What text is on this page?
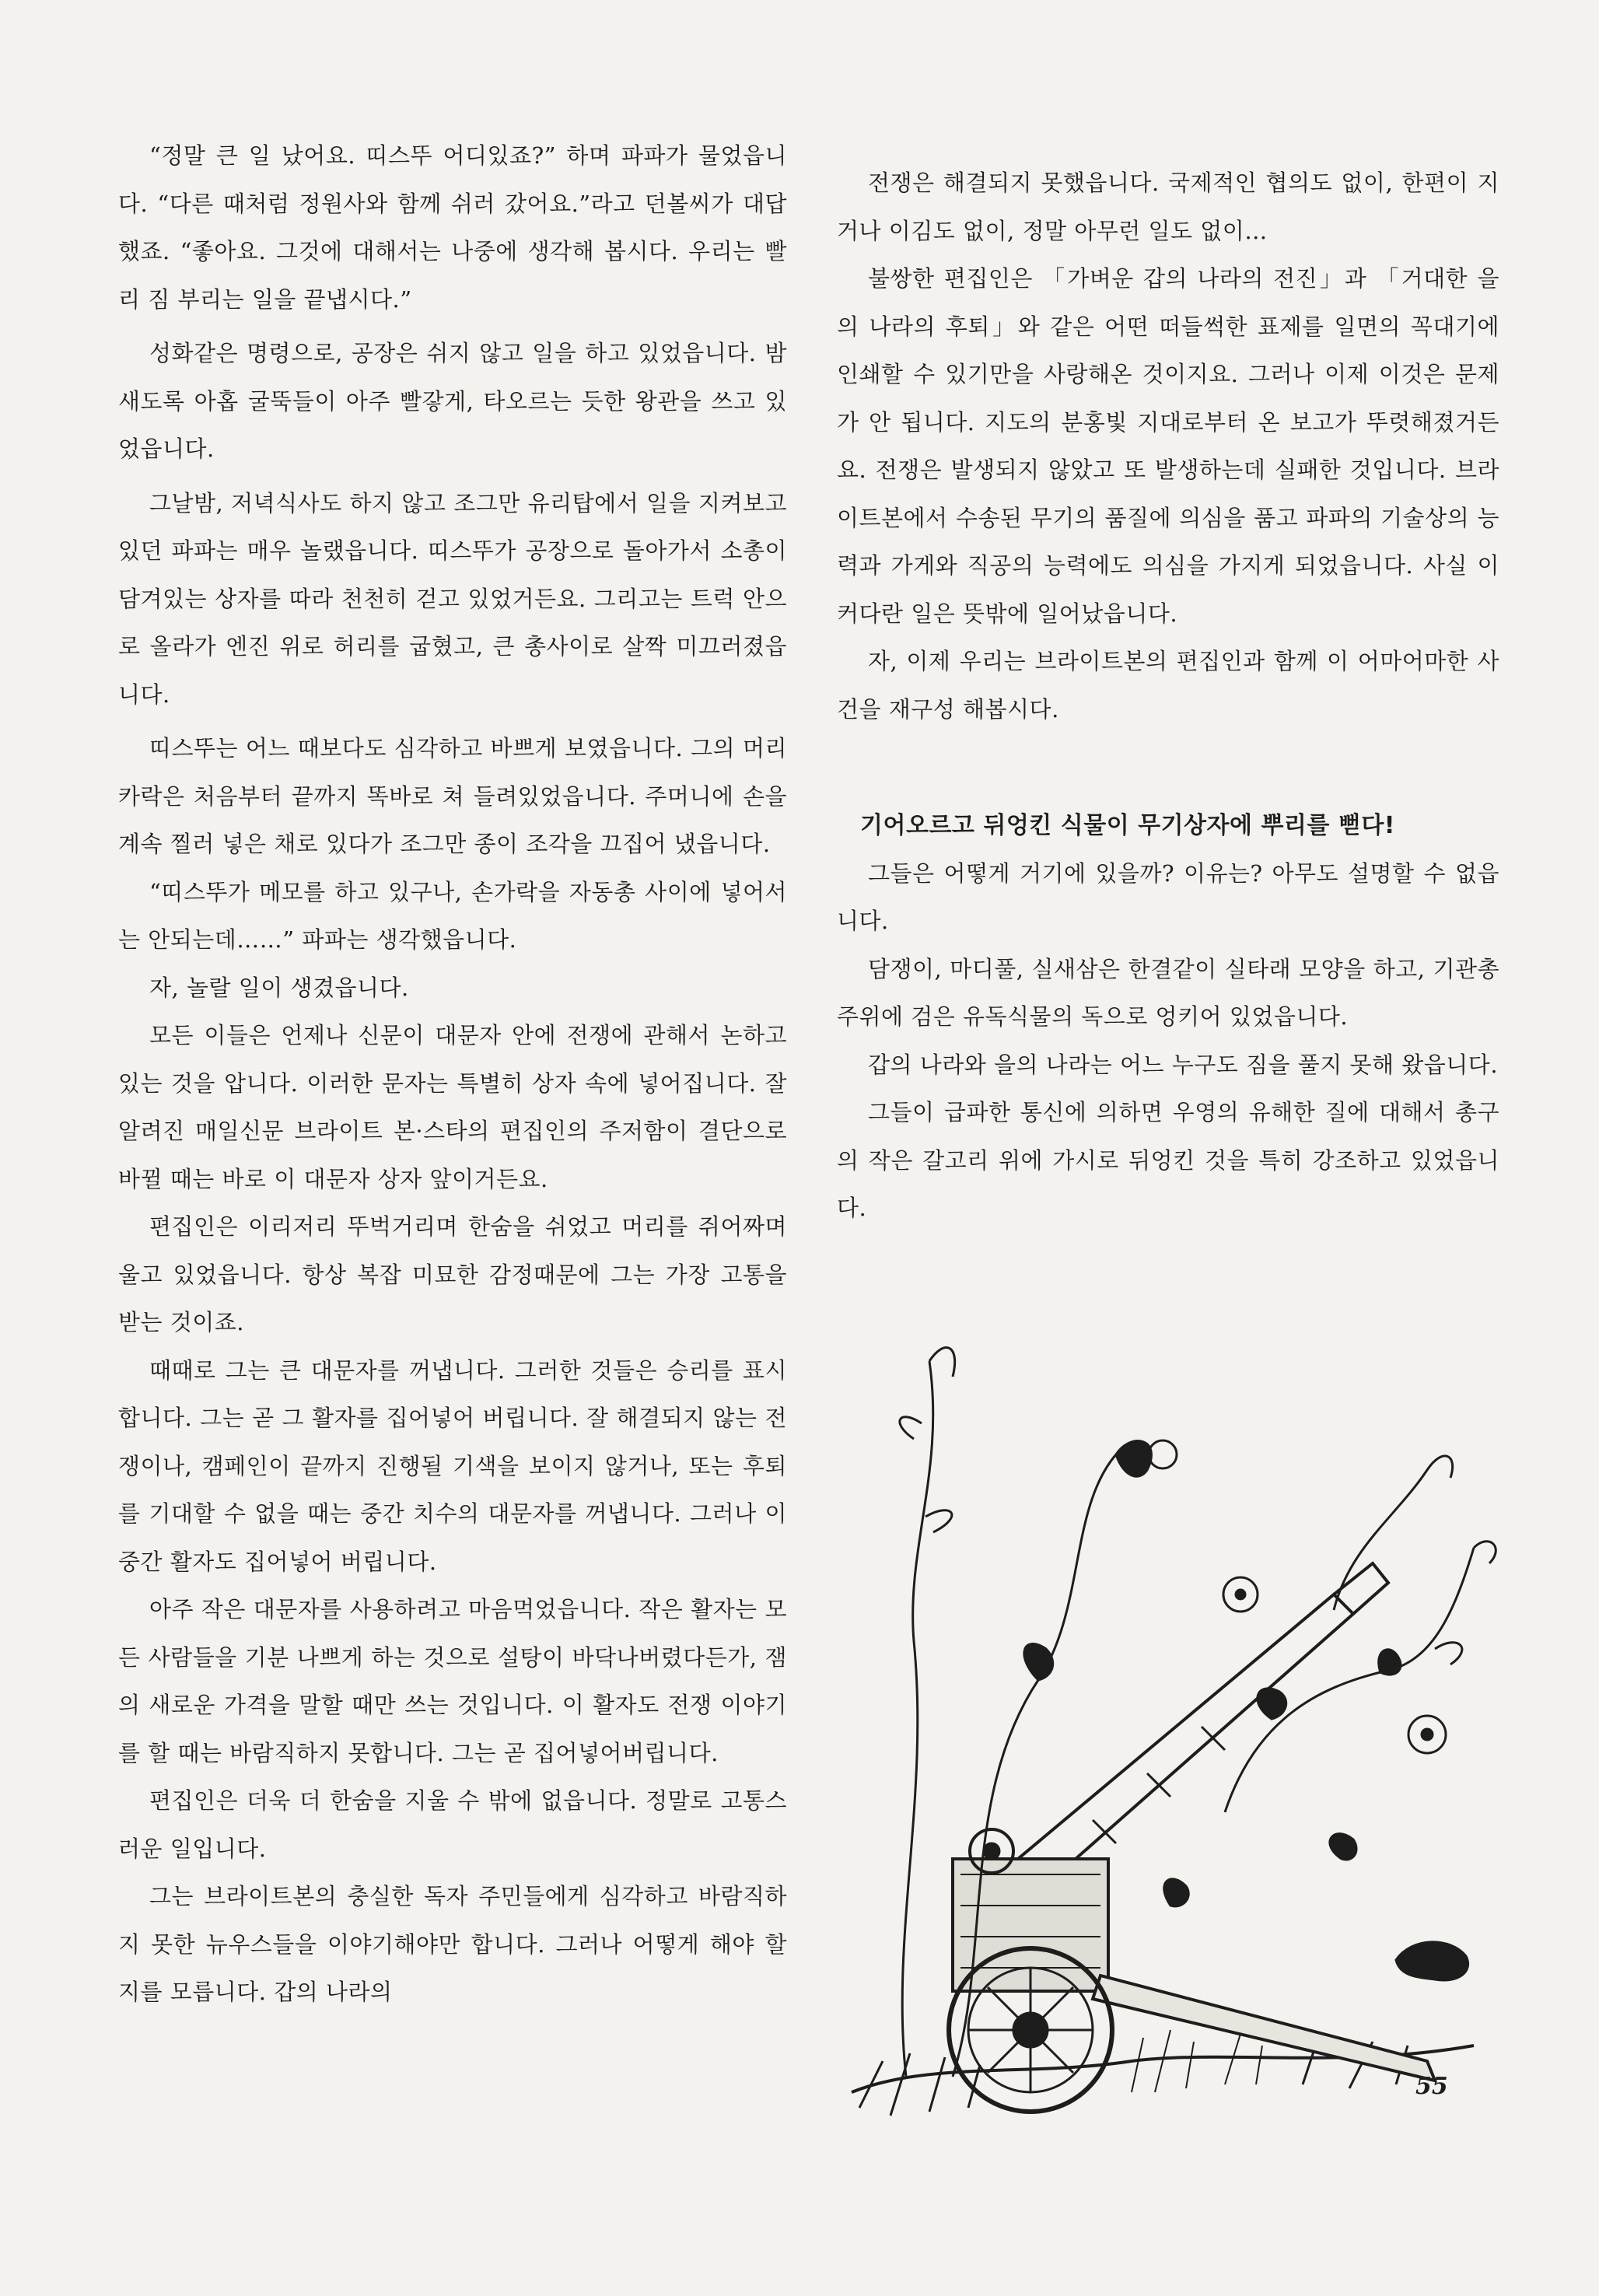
“정말 큰 일 났어요. 띠스뚜 어디있죠?” 하며 파파가 물었읍니다. “다른 때처럼 정원사와 함께 쉬러 갔어요.”라고 던볼씨가 대답했죠. “좋아요. 그것에 대해서는 나중에 생각해 봅시다. 우리는 빨리 짐 부리는 일을 끝냅시다.”

성화같은 명령으로, 공장은 쉬지 않고 일을 하고 있었읍니다. 밤새도록 아홉 굴뚝들이 아주 빨갛게, 타오르는 듯한 왕관을 쓰고 있었읍니다.

그날밤, 저녁식사도 하지 않고 조그만 유리탑에서 일을 지켜보고 있던 파파는 매우 놀랬읍니다. 띠스뚜가 공장으로 돌아가서 소총이 담겨있는 상자를 따라 천천히 걷고 있었거든요. 그리고는 트럭 안으로 올라가 엔진 위로 허리를 굽혔고, 큰 총사이로 살짝 미끄러졌읍니다.

띠스뚜는 어느 때보다도 심각하고 바쁘게 보였읍니다. 그의 머리카락은 처음부터 끝까지 똑바로 쳐 들려있었읍니다. 주머니에 손을 계속 찔러 넣은 채로 있다가 조그만 종이 조각을 끄집어 냈읍니다.

“띠스뚜가 메모를 하고 있구나, 손가락을 자동총 사이에 넣어서는 안되는데……” 파파는 생각했읍니다.

자, 놀랄 일이 생겼읍니다.

모든 이들은 언제나 신문이 대문자 안에 전쟁에 관해서 논하고 있는 것을 압니다. 이러한 문자는 특별히 상자 속에 넣어집니다. 잘 알려진 매일신문 브라이트 본·스타의 편집인의 주저함이 결단으로 바뀔 때는 바로 이 대문자 상자 앞이거든요.

편집인은 이리저리 뚜벅거리며 한숨을 쉬었고 머리를 쥐어짜며 울고 있었읍니다. 항상 복잡 미묘한 감정때문에 그는 가장 고통을 받는 것이죠.

때때로 그는 큰 대문자를 꺼냅니다. 그러한 것들은 승리를 표시합니다. 그는 곧 그 활자를 집어넣어 버립니다. 잘 해결되지 않는 전쟁이나, 캠페인이 끝까지 진행될 기색을 보이지 않거나, 또는 후퇴를 기대할 수 없을 때는 중간 치수의 대문자를 꺼냅니다. 그러나 이 중간 활자도 집어넣어 버립니다.

아주 작은 대문자를 사용하려고 마음먹었읍니다. 작은 활자는 모든 사람들을 기분 나쁘게 하는 것으로 설탕이 바닥나버렸다든가, 잼의 새로운 가격을 말할 때만 쓰는 것입니다. 이 활자도 전쟁 이야기를 할 때는 바람직하지 못합니다. 그는 곧 집어넣어버립니다.

편집인은 더욱 더 한숨을 지울 수 밖에 없읍니다. 정말로 고통스러운 일입니다.

그는 브라이트본의 충실한 독자 주민들에게 심각하고 바람직하지 못한 뉴우스들을 이야기해야만 합니다. 그러나 어떻게 해야 할 지를 모릅니다. 갑의 나라의

전쟁은 해결되지 못했읍니다. 국제적인 협의도 없이, 한편이 지거나 이김도 없이, 정말 아무런 일도 없이…

불쌍한 편집인은 「가벼운 갑의 나라의 전진」과 「거대한 을의 나라의 후퇴」와 같은 어떤 떠들썩한 표제를 일면의 꼭대기에 인쇄할 수 있기만을 사랑해온 것이지요. 그러나 이제 이것은 문제가 안 됩니다. 지도의 분홍빛 지대로부터 온 보고가 뚜렷해졌거든요. 전쟁은 발생되지 않았고 또 발생하는데 실패한 것입니다. 브라이트본에서 수송된 무기의 품질에 의심을 품고 파파의 기술상의 능력과 가게와 직공의 능력에도 의심을 가지게 되었읍니다. 사실 이 커다란 일은 뜻밖에 일어났읍니다.

자, 이제 우리는 브라이트본의 편집인과 함께 이 어마어마한 사건을 재구성 해봅시다.

기어오르고 뒤엉킨 식물이 무기상자에 뿌리를 뻗다!

그들은 어떻게 거기에 있을까? 이유는? 아무도 설명할 수 없읍니다.

담쟁이, 마디풀, 실새삼은 한결같이 실타래 모양을 하고, 기관총 주위에 검은 유독식물의 독으로 엉키어 있었읍니다.

갑의 나라와 을의 나라는 어느 누구도 짐을 풀지 못해 왔읍니다.

그들이 급파한 통신에 의하면 우영의 유해한 질에 대해서 총구의 작은 갈고리 위에 가시로 뒤엉킨 것을 특히 강조하고 있었읍니다.

55
